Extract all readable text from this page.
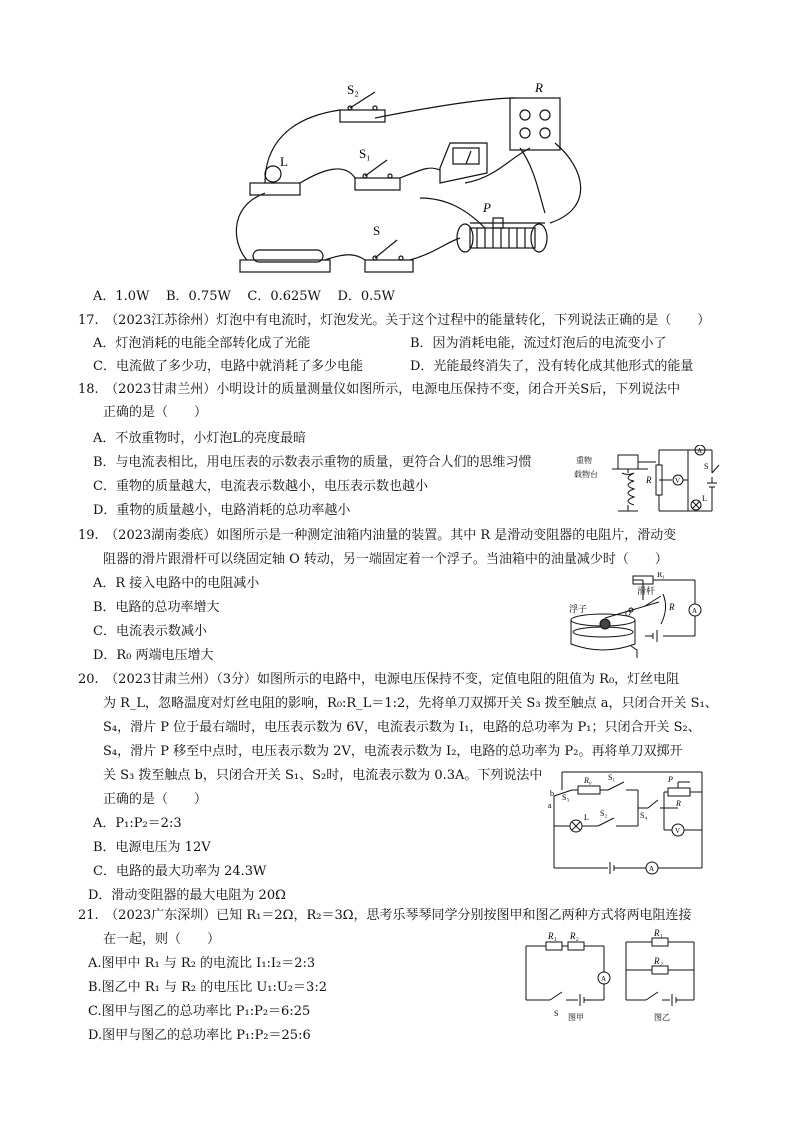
S₂
S₁
L
R
P
S
A．1.0W B．0.75W C．0.625W D．0.5W
17.　（2023江苏徐州）灯泡中有电流时，灯泡发光。关于这个过程中的能量转化，下列说法正确的是（　　）
A．灯泡消耗的电能全部转化成了光能	B．因为消耗电能，流过灯泡后的电流变小了
C．电流做了多少功，电路中就消耗了多少电能	D．光能最终消失了，没有转化成其他形式的能量
18.　（2023甘肃兰州）小明设计的质量测量仪如图所示，电源电压保持不变，闭合开关S后，下列说法中
正确的是（　　）
A．不放重物时，小灯泡L的亮度最暗
B．与电流表相比，用电压表的示数表示重物的质量，更符合人们的思维习惯
C．重物的质量越大，电流表示数越小，电压表示数也越小
D．重物的质量越小，电路消耗的总功率越小
重物
载物台
R
A
V
S
L
19.　（2023湖南娄底）如图所示是一种测定油箱内油量的装置。其中 R 是滑动变阻器的电阻片，滑动变
阻器的滑片跟滑杆可以绕固定轴 O 转动，另一端固定着一个浮子。当油箱中的油量减少时（　　）
A．R 接入电路中的电阻减小
B．电路的总功率增大
C．电流表示数减小
D．R₀ 两端电压增大
R₁
浮子
滑杆
O
R	A
20.　（2023甘肃兰州）（3分）如图所示的电路中，电源电压保持不变，定值电阻的阻值为 R₀，灯丝电阻
为 R_L，忽略温度对灯丝电阻的影响，R₀:R_L＝1:2，先将单刀双掷开关 S₃ 拨至触点 a，只闭合开关 S₁、
S₄，滑片 P 位于最右端时，电压表示数为 6V，电流表示数为 I₁，电路的总功率为 P₁；只闭合开关 S₂、
S₄，滑片 P 移至中点时，电压表示数为 2V，电流表示数为 I₂，电路的总功率为 P₂。再将单刀双掷开
关 S₃ 拨至触点 b，只闭合开关 S₁、S₂时，电流表示数为 0.3A。下列说法中
正确的是（　　）
A．P₁:P₂＝2:3
B．电源电压为 12V
C．电路的最大功率为 24.3W
D．滑动变阻器的最大电阻为 20Ω
b S₃
R₀ S₁
a
P
R
L S₂	S₄
V
A
21.　（2023广东深圳）已知 R₁＝2Ω，R₂＝3Ω，思考乐琴琴同学分别按图甲和图乙两种方式将两电阻连接
在一起，则（　　）
A.图甲中 R₁ 与 R₂ 的电流比 I₁:I₂＝2:3
B.图乙中 R₁ 与 R₂ 的电压比 U₁:U₂＝3:2
C.图甲与图乙的总功率比 P₁:P₂＝6:25
D.图甲与图乙的总功率比 P₁:P₂＝25:6
R₁ R₂
A
S 图甲
R₁
R₂
图乙
